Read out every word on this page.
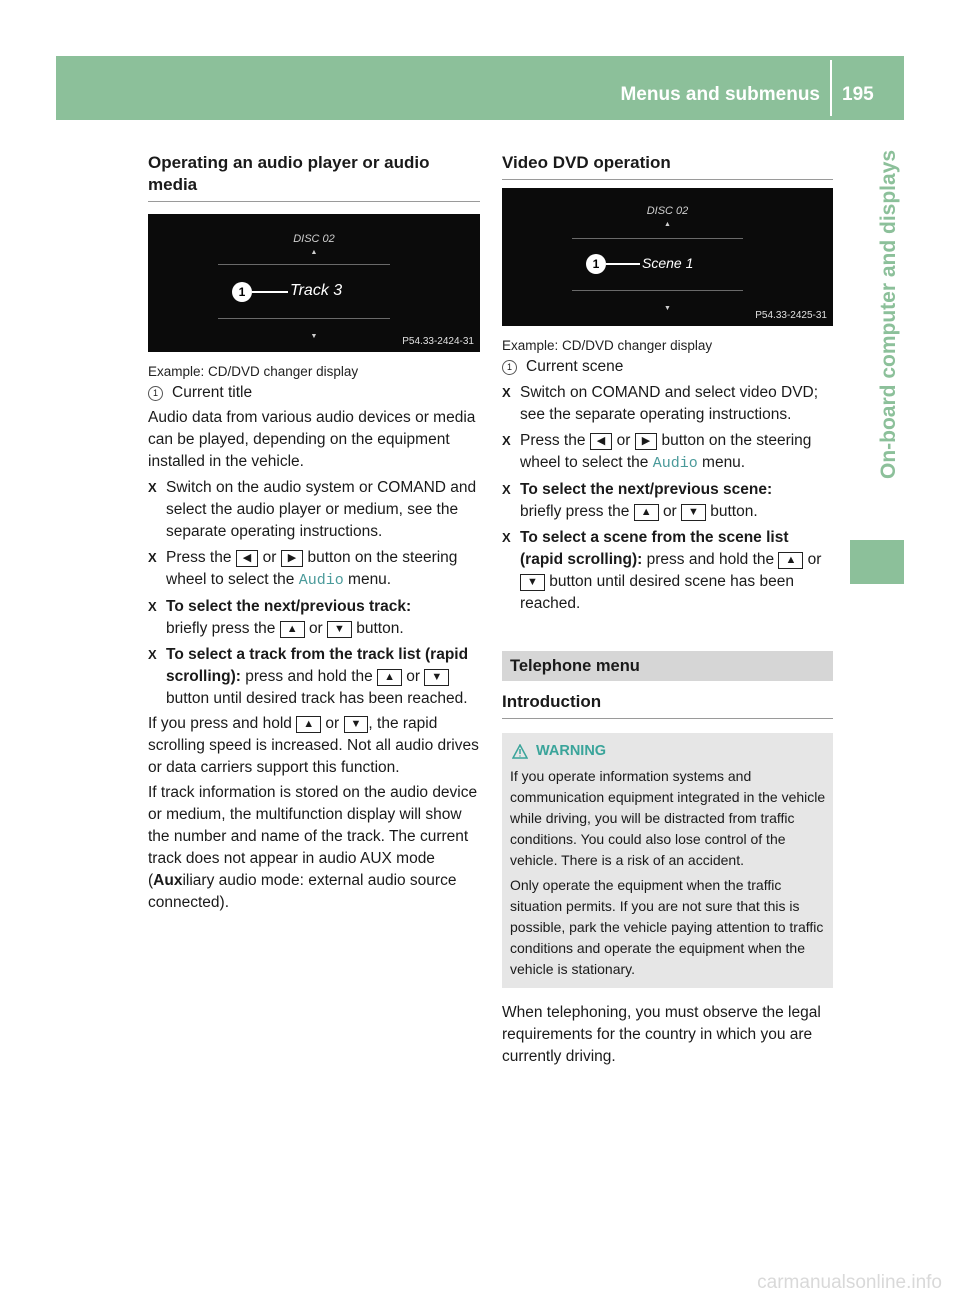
Menus and submenus 195
On-board computer and displays
Operating an audio player or audio media
DISC 02
▲
1	Track 3
▼	P54.33-2424-31
Example: CD/DVD changer display
1 Current title

Audio data from various audio devices or media can be played, depending on the equipment installed in the vehicle.

X Switch on the audio system or COMAND and select the audio player or medium, see the separate operating instructions.
X Press the ◀ or ▶ button on the steering wheel to select the Audio menu.
X To select the next/previous track:
briefly press the ▲ or ▼ button.
X To select a track from the track list (rapid scrolling): press and hold the ▲ or ▼ button until desired track has been reached.

If you press and hold ▲ or ▼ , the rapid scrolling speed is increased. Not all audio drives or data carriers support this function.

If track information is stored on the audio device or medium, the multifunction display will show the number and name of the track. The current track does not appear in audio AUX mode (Auxiliary audio mode: external audio source connected).

Video DVD operation
DISC 02
▲
1	Scene 1
▼
P54.33-2425-31
Example: CD/DVD changer display
1 Current scene
X Switch on COMAND and select video DVD; see the separate operating instructions.
X Press the ◀ or ▶ button on the steering wheel to select the Audio menu.
X To select the next/previous scene:
briefly press the ▲ or ▼ button.
X To select a scene from the scene list (rapid scrolling): press and hold the ▲ or ▼ button until desired scene has been reached.
Telephone menu
Introduction
WARNING

If you operate information systems and communication equipment integrated in the vehicle while driving, you will be distracted from traffic conditions. You could also lose control of the vehicle. There is a risk of an accident.

Only operate the equipment when the traffic situation permits. If you are not sure that this is possible, park the vehicle paying attention to traffic conditions and operate the equipment when the vehicle is stationary.

When telephoning, you must observe the legal requirements for the country in which you are currently driving.

carmanualsonline.info
